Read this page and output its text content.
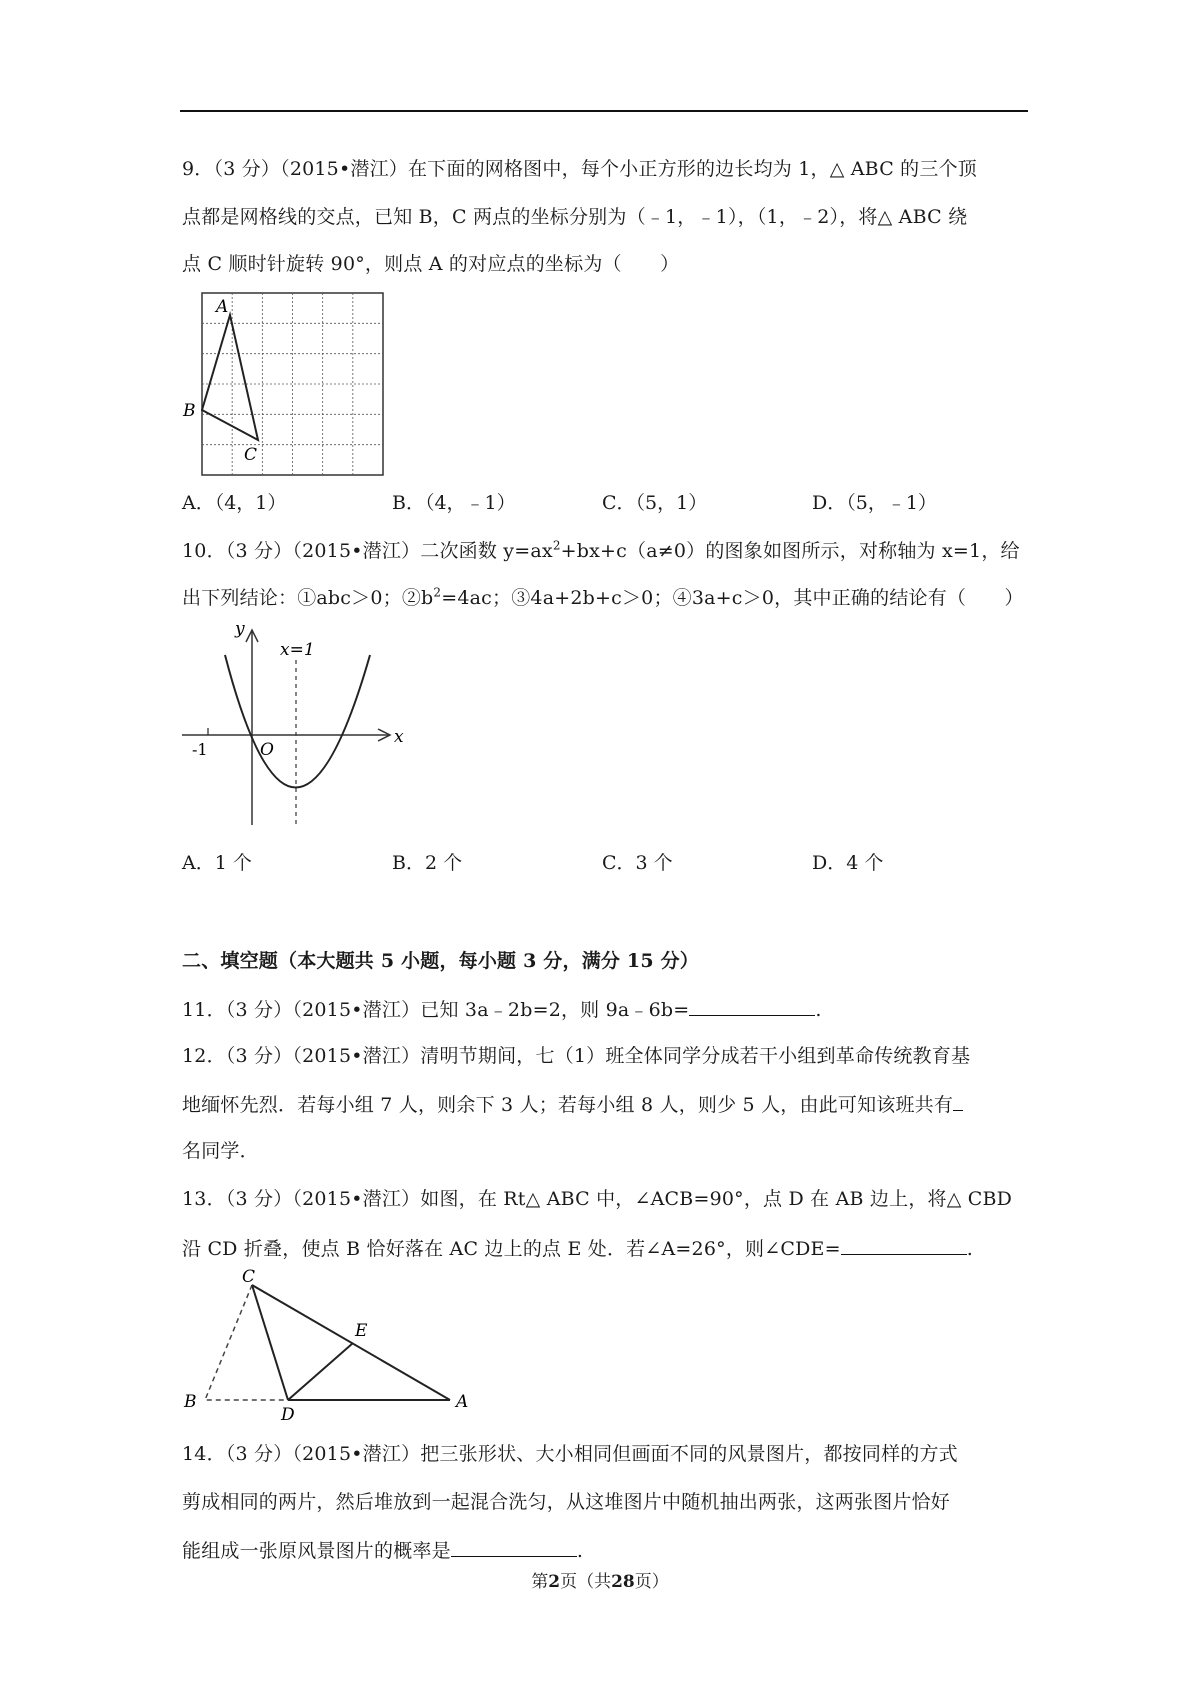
9．（3 分）（2015•潜江）在下面的网格图中，每个小正方形的边长均为 1，△ ABC 的三个顶
点都是网格线的交点，已知 B，C 两点的坐标分别为（﹣1，﹣1），（1，﹣2），将△ ABC 绕
点 C 顺时针旋转 90°，则点 A 的对应点的坐标为（　　）
A
B
C
A．（4，1）	B．（4，﹣1）	C．（5，1）	D．（5，﹣1）
10．（3 分）（2015•潜江）二次函数 $y=ax^2+bx+c(a\ne 0)$的图象如图所示，对称轴为 x=1，给
出下列结论：①abc＞0；$②b^2=4ac$；③4a+2b+c＞0；④3a+c＞0，其中正确的结论有（　　）
y
x
x=1
-1	O
A．1 个	B．2 个	C．3 个	D．4 个
二、填空题（本大题共 5 小题，每小题 3 分，满分 15 分）
11．（3 分）（2015•潜江）已知 3a﹣2b=2，则 9a﹣6b=	.
12．（3 分）（2015•潜江）清明节期间，七（1）班全体同学分成若干小组到革命传统教育基
地缅怀先烈．若每小组 7 人，则余下 3 人；若每小组 8 人，则少 5 人，由此可知该班共有
名同学．
13．（3 分）（2015•潜江）如图，在 Rt△ ABC 中，∠ACB=90°，点 D 在 AB 边上，将△ CBD
沿 CD 折叠，使点 B 恰好落在 AC 边上的点 E 处．若∠A=26°，则∠CDE=	.
C
E
B
D
A
14．（3 分）（2015•潜江）把三张形状、大小相同但画面不同的风景图片，都按同样的方式
剪成相同的两片，然后堆放到一起混合洗匀，从这堆图片中随机抽出两张，这两张图片恰好
能组成一张原风景图片的概率是	.
第2页（共28页）
